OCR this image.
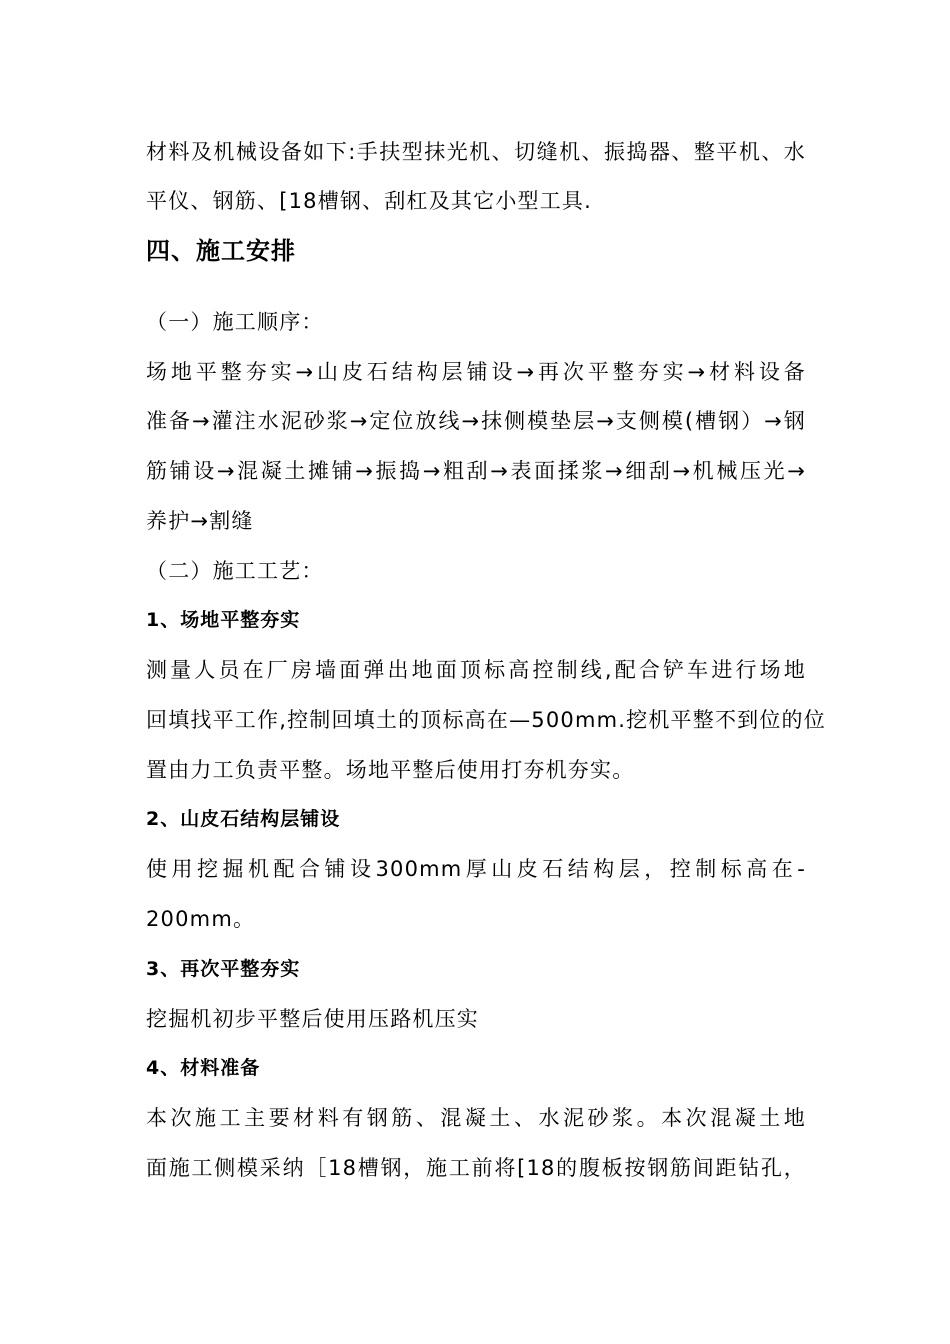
材料及机械设备如下:手扶型抹光机、切缝机、振捣器、整平机、水
平仪、钢筋、[18槽钢、刮杠及其它小型工具.
四、施工安排
（一）施工顺序：
场地平整夯实→山皮石结构层铺设→再次平整夯实→材料设备
准备→灌注水泥砂浆→定位放线→抹侧模垫层→支侧模(槽钢）→钢
筋铺设→混凝土摊铺→振捣→粗刮→表面揉浆→细刮→机械压光→
养护→割缝
（二）施工工艺：
1、场地平整夯实
测量人员在厂房墙面弹出地面顶标高控制线,配合铲车进行场地
回填找平工作,控制回填土的顶标高在—500mm.挖机平整不到位的位
置由力工负责平整。场地平整后使用打夯机夯实。
2、山皮石结构层铺设
使用挖掘机配合铺设300mm厚山皮石结构层，控制标高在-
200mm。
3、再次平整夯实
挖掘机初步平整后使用压路机压实
4、材料准备
本次施工主要材料有钢筋、混凝土、水泥砂浆。本次混凝土地
面施工侧模采纳［18槽钢，施工前将[18的腹板按钢筋间距钻孔，
